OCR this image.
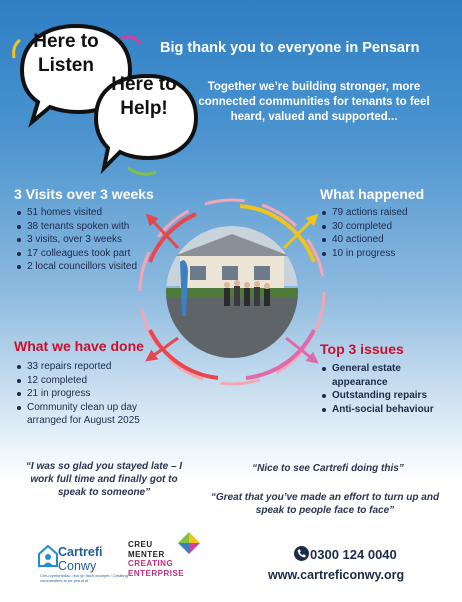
Here to Listen
Here to Help!
Big thank you to everyone in Pensarn
Together we’re building stronger, more connected communities for tenants to feel heard, valued and supported...
3 Visits over 3 weeks
51 homes visited
38 tenants spoken with
3 visits, over 3 weeks
17 colleagues took part
2 local councillors visited
What happened
79 actions raised
30 completed
40 actioned
10 in progress
What we have done
33 repairs reported
12 completed
21 in progress
Community clean up day arranged for August 2025
Top 3 issues
General estate appearance
Outstanding repairs
Anti-social behaviour
“I was so glad you stayed late – I work full time and finally got to speak to someone”
“Nice to see Cartrefi doing this”
“Great that you’ve made an effort to turn up and speak to people face to face”
Cartrefi
Conwy
Creu cymunedau i fod yn falch ohonynt / Creating communities to be proud of
CREU
MENTER
CREATING
ENTERPRISE
0300 124 0040
www.cartreficonwy.org
